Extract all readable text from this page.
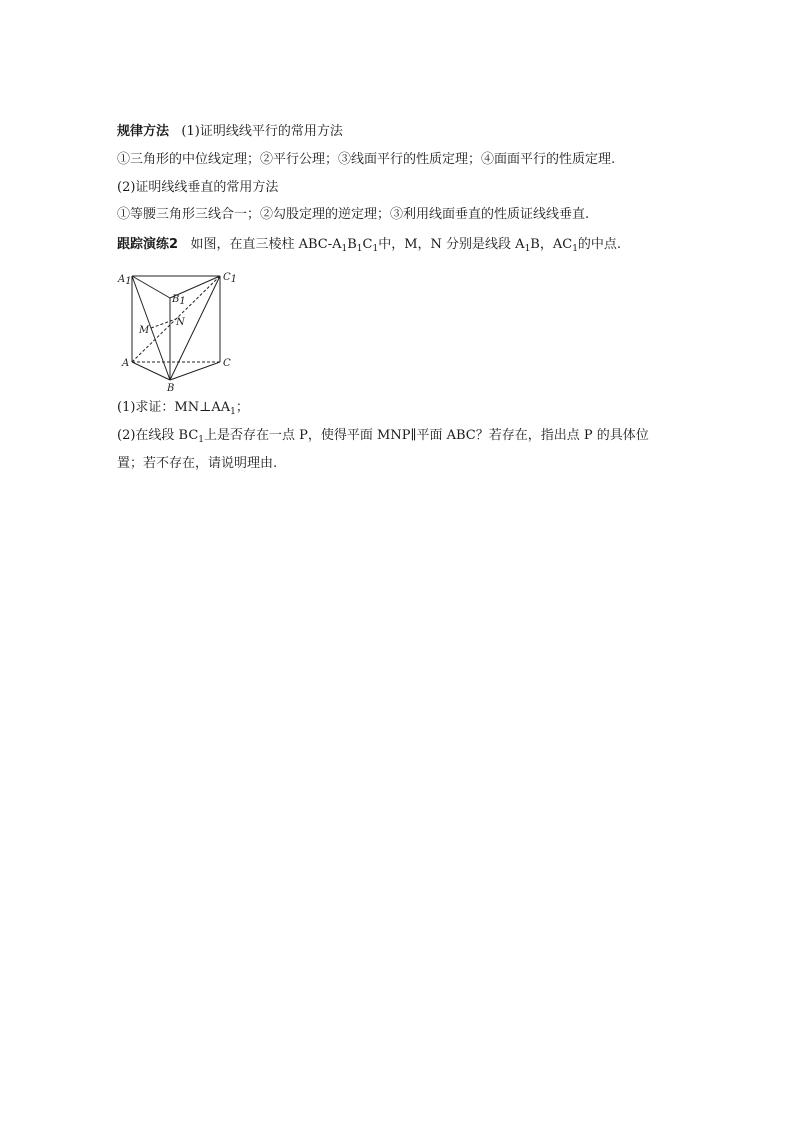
规律方法 (1)证明线线平行的常用方法
①三角形的中位线定理；②平行公理；③线面平行的性质定理；④面面平行的性质定理.
(2)证明线线垂直的常用方法
①等腰三角形三线合一；②勾股定理的逆定理；③利用线面垂直的性质证线线垂直.
跟踪演练2 如图，在直三棱柱 ABC-$A_1B_1C_1$中，M，N 分别是线段 $A_1B$，$AC_1$的中点.
A1	C1
B1
M
N
A	C
B
(1)求证：$MN\perp AA_1$；
(2)在线段 $BC_1$上是否存在一点 P，使得平面 MNP∥平面 ABC？若存在，指出点 P 的具体位
置；若不存在，请说明理由.
